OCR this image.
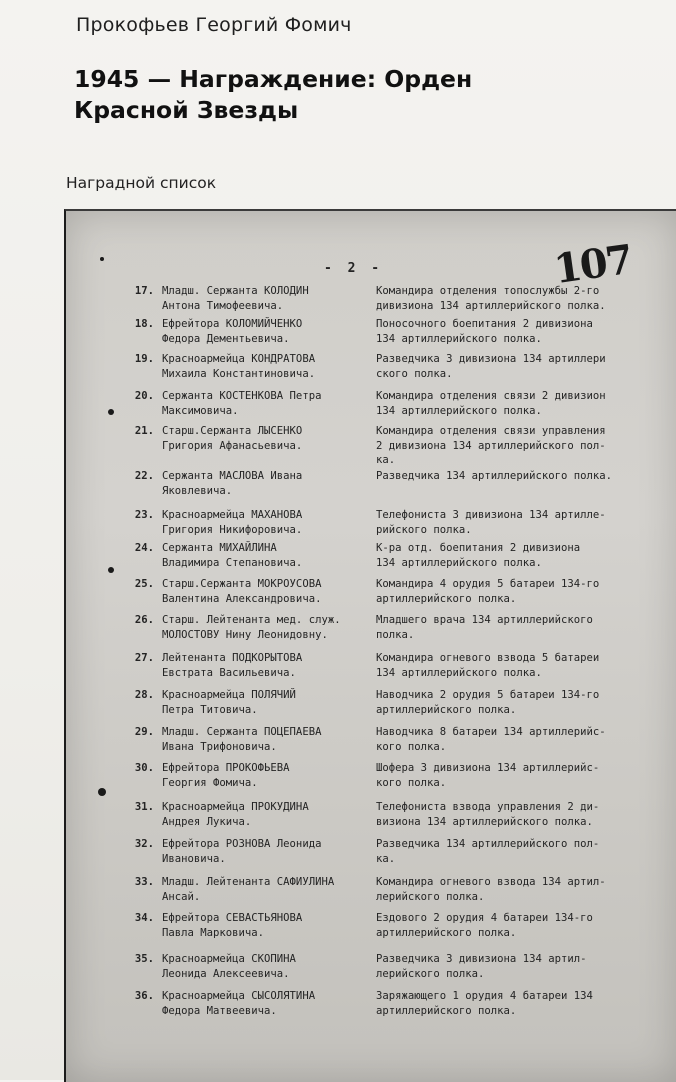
Прокофьев Георгий Фомич
1945 — Награждение: Орден Красной Звезды
Наградной список
- 2 -	107
17. Младш. Сержанта КОЛОДИН
Антона Тимофеевича.
Командира отделения топослужбы 2-го
дивизиона 134 артиллерийского полка.
18. Ефрейтора КОЛОМИЙЧЕНКО
Федора Дементьевича.
Поносочного боепитания 2 дивизиона
134 артиллерийского полка.
19. Красноармейца КОНДРАТОВА
Михаила Константиновича.
Разведчика 3 дивизиона 134 артиллери
ского полка.
20. Сержанта КОСТЕНКОВА Петра
Максимовича.
Командира отделения связи 2 дивизион
134 артиллерийского полка.
21. Старш.Сержанта ЛЫСЕНКО
Григория Афанасьевича.
Командира отделения связи управления
2 дивизиона 134 артиллерийского пол-
ка.
22. Сержанта МАСЛОВА Ивана
Яковлевича.
Разведчика 134 артиллерийского полка.
23. Красноармейца МАХАНОВА
Григория Никифоровича.
Телефониста 3 дивизиона 134 артилле-
рийского полка.
24. Сержанта МИХАЙЛИНА
Владимира Степановича.
К-ра отд. боепитания 2 дивизиона
134 артиллерийского полка.
25. Старш.Сержанта МОКРОУСОВА
Валентина Александровича.
Командира 4 орудия 5 батареи 134-го
артиллерийского полка.
26. Старш. Лейтенанта мед. служ.
МОЛОСТОВУ Нину Леонидовну.
Младшего врача 134 артиллерийского
полка.
27. Лейтенанта ПОДКОРЫТОВА
Евстрата Васильевича.
Командира огневого взвода 5 батареи
134 артиллерийского полка.
28. Красноармейца ПОЛЯЧИЙ
Петра Титовича.
Наводчика 2 орудия 5 батареи 134-го
артиллерийского полка.
29. Младш. Сержанта ПОЦЕПАЕВА
Ивана Трифоновича.
Наводчика 8 батареи 134 артиллерийс-
кого полка.
30. Ефрейтора ПРОКОФЬЕВА
Георгия Фомича.
Шофера 3 дивизиона 134 артиллерийс-
кого полка.
31. Красноармейца ПРОКУДИНА
Андрея Лукича.
Телефониста взвода управления 2 ди-
визиона 134 артиллерийского полка.
32. Ефрейтора РОЗНОВА Леонида
Ивановича.
Разведчика 134 артиллерийского пол-
ка.
33. Младш. Лейтенанта САФИУЛИНА
Ансай.
Командира огневого взвода 134 артил-
лерийского полка.
34. Ефрейтора СЕВАСТЬЯНОВА
Павла Марковича.
Ездового 2 орудия 4 батареи 134-го
артиллерийского полка.
35. Красноармейца СКОПИНА
Леонида Алексеевича.
Разведчика 3 дивизиона 134 артил-
лерийского полка.
36. Красноармейца СЫСОЛЯТИНА
Федора Матвеевича.
Заряжающего 1 орудия 4 батареи 134
артиллерийского полка.
